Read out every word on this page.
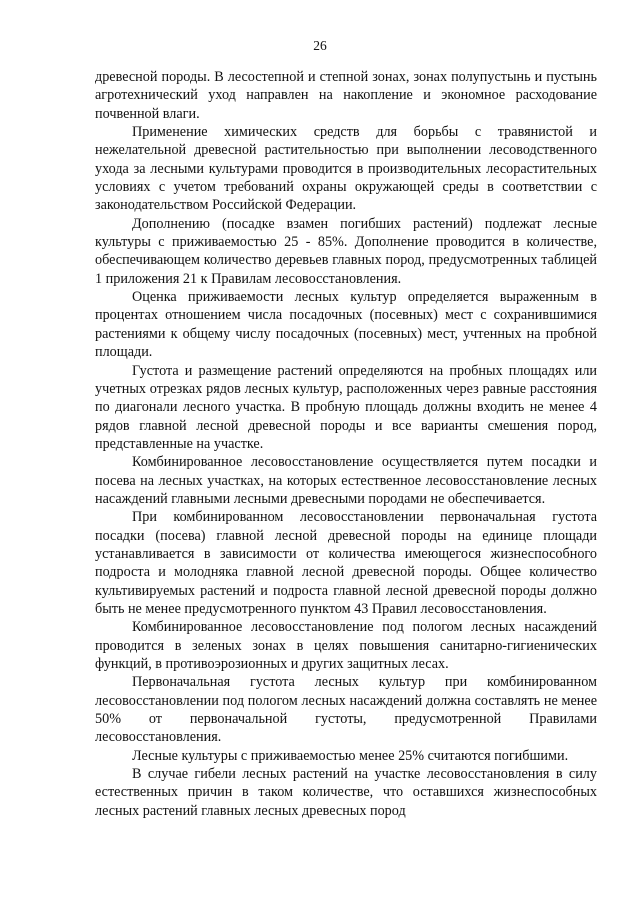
26

древесной породы. В лесостепной и степной зонах, зонах полупустынь и пустынь агротехнический уход направлен на накопление и экономное расходование почвенной влаги.

Применение химических средств для борьбы с травянистой и нежелательной древесной растительностью при выполнении лесоводственного ухода за лесными культурами проводится в производительных лесорастительных условиях с учетом требований охраны окружающей среды в соответствии с законодательством Российской Федерации.

Дополнению (посадке взамен погибших растений) подлежат лесные культуры с приживаемостью 25 - 85%. Дополнение проводится в количестве, обеспечивающем количество деревьев главных пород, предусмотренных таблицей 1 приложения 21 к Правилам лесовосстановления.

Оценка приживаемости лесных культур определяется выраженным в процентах отношением числа посадочных (посевных) мест с сохранившимися растениями к общему числу посадочных (посевных) мест, учтенных на пробной площади.

Густота и размещение растений определяются на пробных площадях или учетных отрезках рядов лесных культур, расположенных через равные расстояния по диагонали лесного участка. В пробную площадь должны входить не менее 4 рядов главной лесной древесной породы и все варианты смешения пород, представленные на участке.

Комбинированное лесовосстановление осуществляется путем посадки и посева на лесных участках, на которых естественное лесовосстановление лесных насаждений главными лесными древесными породами не обеспечивается.

При комбинированном лесовосстановлении первоначальная густота посадки (посева) главной лесной древесной породы на единице площади устанавливается в зависимости от количества имеющегося жизнеспособного подроста и молодняка главной лесной древесной породы. Общее количество культивируемых растений и подроста главной лесной древесной породы должно быть не менее предусмотренного пунктом 43 Правил лесовосстановления.

Комбинированное лесовосстановление под пологом лесных насаждений проводится в зеленых зонах в целях повышения санитарно-гигиенических функций, в противоэрозионных и других защитных лесах.

Первоначальная густота лесных культур при комбинированном лесовосстановлении под пологом лесных насаждений должна составлять не менее 50% от первоначальной густоты, предусмотренной Правилами лесовосстановления.

Лесные культуры с приживаемостью менее 25% считаются погибшими.

В случае гибели лесных растений на участке лесовосстановления в силу естественных причин в таком количестве, что оставшихся жизнеспособных лесных растений главных лесных древесных пород
